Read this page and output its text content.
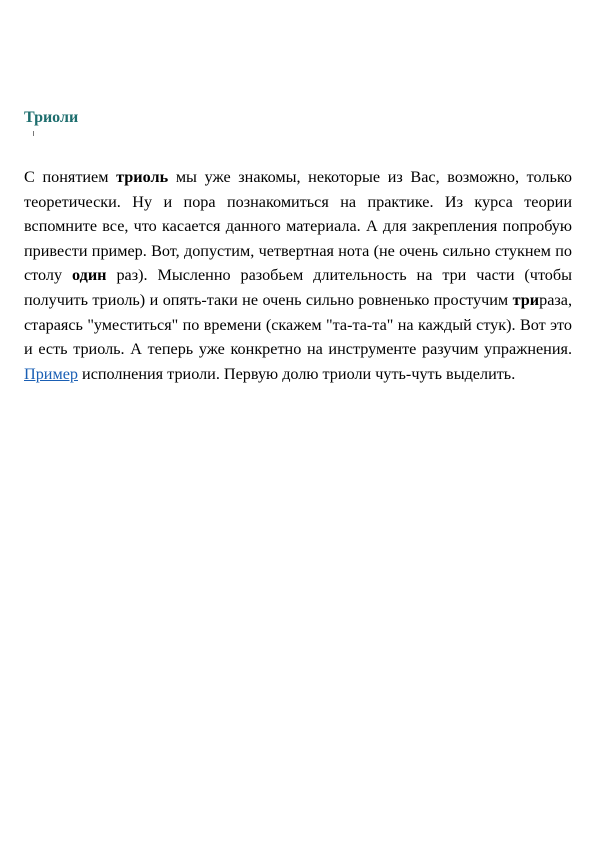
Триоли

С понятием триоль мы уже знакомы, некоторые из Вас, возможно, только теоретически. Ну и пора познакомиться на практике. Из курса теории вспомните все, что касается данного материала. А для закрепления попробую привести пример. Вот, допустим, четвертная нота (не очень сильно стукнем по столу один раз). Мысленно разобьем длительность на три части (чтобы получить триоль) и опять-таки не очень сильно ровненько простучим трираза, стараясь "уместиться" по времени (скажем "та-та-та" на каждый стук). Вот это и есть триоль. А теперь уже конкретно на инструменте разучим упражнения. Пример исполнения триоли. Первую долю триоли чуть-чуть выделить.
